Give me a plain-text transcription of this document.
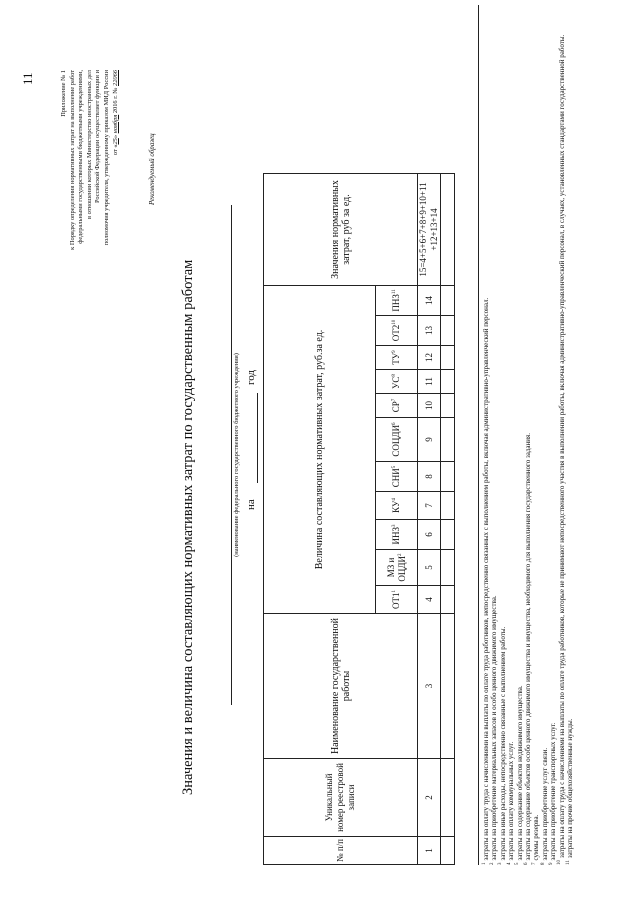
11	Приложение № 1 к Порядку определения нормативных затрат на выполнение работ федеральными государственными бюджетными учреждениями, в отношении которых Министерство иностранных дел Российской Федерации осуществляет функции и полномочия учредителя, утвержденному приказом МИД России от «25» ноября 2016 г. № 22066
Рекомендуемый образец
Значения и величина составляющих нормативных затрат по государственным работам	(наименование федерального государственного бюджетного учреждения) на
год
№ п/п	Уникальный номер реестровой записи	Наименование государственной работы	Величина составляющих нормативных затрат, руб.за ед.											Значения нормативных затрат, руб за ед.
			$ОТ1^1$	МЗ и ОЦДИ$^2$	ИНЗ$^3$	$КУ^4$	СНИ$^5$	СОЦДИ$^6$	$СР^7$	$УС^8$	$ТУ^9$	$ОТ2^{10}$	ПНЗ$^{11}$
1	2	3	4	5	6	7	8	9	10	11	12	13	14	15=4+5+6+7+8+9+10+11 +12+13+14

$^1$затраты на оплату труда с начислениями на выплаты по оплате труда работников, непосредственно связанных с выполнением работы, включая административно-управленческий персонал.

$^2$затраты на приобретение материальных запасов и особо ценного движимого имущества.

$^3$затраты на иные расходы, непосредственно связанные с выполнением работы.

$^4$затраты на оплату коммунальных услуг.

$^5$затраты на содержание объектов недвижимого имущества.

$^6$затраты на содержание объектов особо ценного движимого имущества и имущества, необходимого для выполнения государственного задания.

$^7$суммы резерва.

$^8$затраты на приобретение услуг связи.

$^9$затраты на приобретение транспортных услуг.

$^{10}$затраты на оплату труда с начислениями на выплаты по оплате труда работников, которые не принимают непосредственного участия в выполнении работы, включая административно-управленческий персонал, в случаях, установленных стандартами государственной работы.

$^{11}$затраты на прочие общехозяйственные нужды.
